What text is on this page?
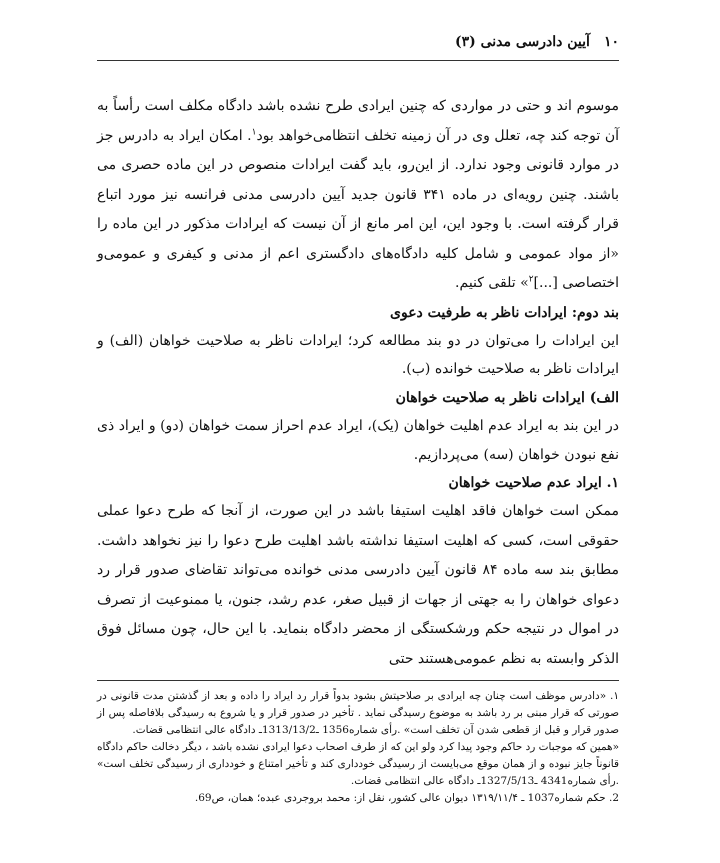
۱۰
آیین دادرسی مدنی (۳)

موسوم اند و حتی در مواردی که چنین ایرادی طرح نشده باشد دادگاه مکلف است رأساً به آن توجه کند چه، تعلل وی در آن زمینه تخلف انتظامی‌خواهد بود$^۱$. امکان ایراد به دادرس جز در موارد قانونی وجود ندارد. از این‌رو، باید گفت ایرادات منصوص در این ماده حصری می باشند. چنین رویه‌ای در ماده ۳۴۱ قانون جدید آیین دادرسی مدنی فرانسه نیز مورد اتباع قرار گرفته است. با وجود این، این امر مانع از آن نیست که ایرادات مذکور در این ماده را «از مواد عمومی و شامل کلیه دادگاه‌های دادگستری اعم از مدنی و کیفری و عمومی‌و اختصاصی [...]$^۲$» تلقی کنیم.

بند دوم: ایرادات ناظر به طرفیت دعوی

این ایرادات را می‌توان در دو بند مطالعه کرد؛ ایرادات ناظر به صلاحیت خواهان (الف) و ایرادات ناظر به صلاحیت خوانده (ب).

الف) ایرادات ناظر به صلاحیت خواهان

در این بند به ایراد عدم اهلیت خواهان (یک)، ایراد عدم احراز سمت خواهان (دو) و ایراد ذی نفع نبودن خواهان (سه) می‌پردازیم.

۱. ایراد عدم صلاحیت خواهان

ممکن است خواهان فاقد اهلیت استیفا باشد در این صورت، از آنجا که طرح دعوا عملی حقوقی است، کسی که اهلیت استیفا نداشته باشد اهلیت طرح دعوا را نیز نخواهد داشت. مطابق بند سه ماده ۸۴ قانون آیین دادرسی مدنی خوانده می‌تواند تقاضای صدور قرار رد دعوای خواهان را به جهتی از جهات از قبیل صغر، عدم رشد، جنون، یا ممنوعیت از تصرف در اموال در نتیجه حکم ورشکستگی از محضر دادگاه بنماید. با این حال، چون مسائل فوق الذکر وابسته به نظم عمومی‌هستند حتی

۱. «دادرس موظف است چنان چه ایرادی بر صلاحیتش بشود بدواً قرار رد ایراد را داده و بعد از گذشتن مدت قانونی در صورتی که قرار مبنی بر رد باشد به موضوع رسیدگی نماید . تأخیر در صدور قرار و یا شروع به رسیدگی بلافاصله پس از صدور قرار و قبل از قطعی شدن آن تخلف است» .رأی شماره1356 ـ1313/13/2ـ دادگاه عالی انتظامی قضات.

«همین که موجبات رد حاکم وجود پیدا کرد ولو این که از طرف اصحاب دعوا ایرادی نشده باشد ، دیگر دخالت حاکم دادگاه قانوناً جایز نبوده و از همان موقع می‌بایست از رسیدگی خودداری کند و تأخیر امتناع و خودداری از رسیدگی تخلف است» .رأی شماره4341 ـ1327/5/13ـ دادگاه عالی انتظامی قضات.

2. حکم شماره1037 ـ ۱۳۱۹/۱۱/۴ دیوان عالی کشور، نقل از: محمد بروجردی عبده؛ همان، ص69.
